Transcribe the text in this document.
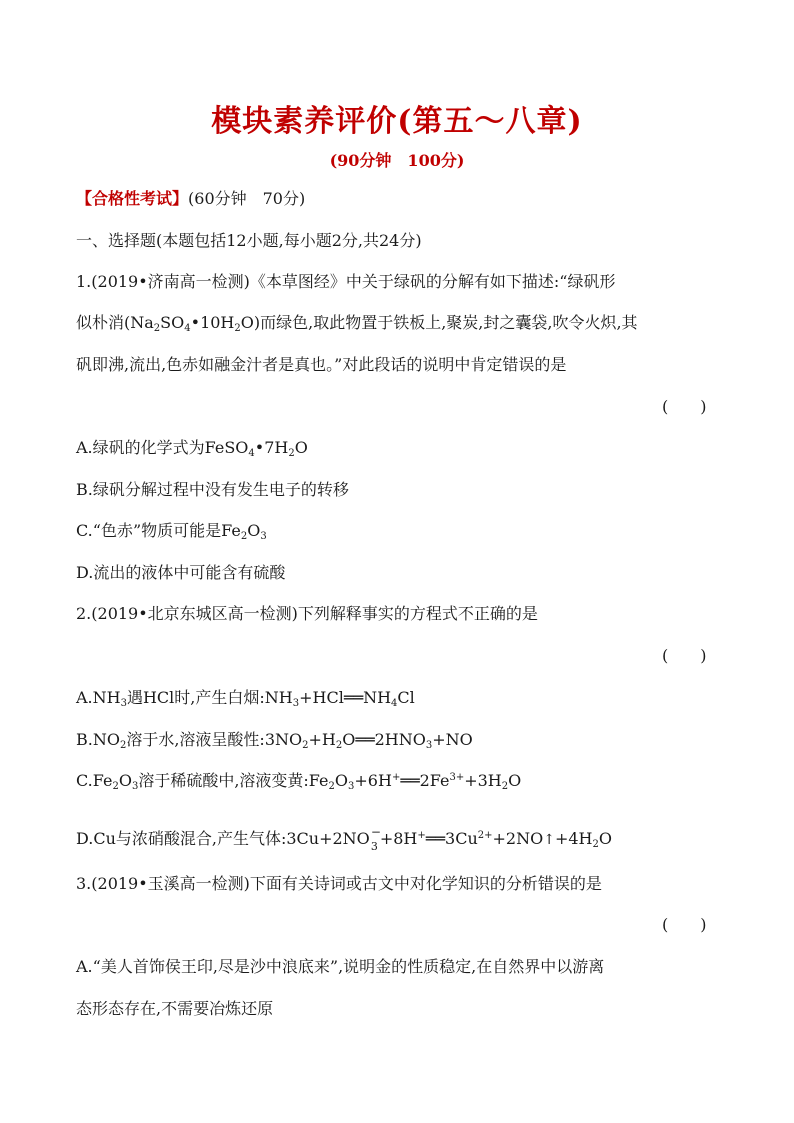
模块素养评价(第五～八章)
(90分钟　100分)
【合格性考试】(60分钟　70分)
一、选择题(本题包括12小题,每小题2分,共24分)
1.(2019•济南高一检测)《本草图经》中关于绿矾的分解有如下描述:“绿矾形
似朴消$(Na_2SO_4•10H_2O)$而绿色,取此物置于铁板上,聚炭,封之囊袋,吹令火炽,其
矾即沸,流出,色赤如融金汁者是真也。”对此段话的说明中肯定错误的是
(　　)
A.绿矾的化学式为$FeSO_4•7H_2O$
B.绿矾分解过程中没有发生电子的转移
C.“色赤”物质可能是$Fe_2O_3$
D.流出的液体中可能含有硫酸
2.(2019•北京东城区高一检测)下列解释事实的方程式不正确的是
(　　)
$A.NH_3$遇HCl时,产生白烟$:NH_3+HCl══NH_4Cl$
$B.NO_2$溶于水,溶液呈酸性$:3NO_2+H_2O══2HNO_3+NO$
$C.Fe_2O_3$溶于稀硫酸中,溶液变黄$:Fe_2O_3+6H^+══2Fe^{3+}+3H_2O$
D.Cu与浓硝酸混合,产生气体:3Cu+2NO −
$3 +8H^+══3Cu^{2+}+2NO↑+4H_2O$
3.(2019•玉溪高一检测)下面有关诗词或古文中对化学知识的分析错误的是
(　　)
A.“美人首饰侯王印,尽是沙中浪底来”,说明金的性质稳定,在自然界中以游离
态形态存在,不需要冶炼还原
